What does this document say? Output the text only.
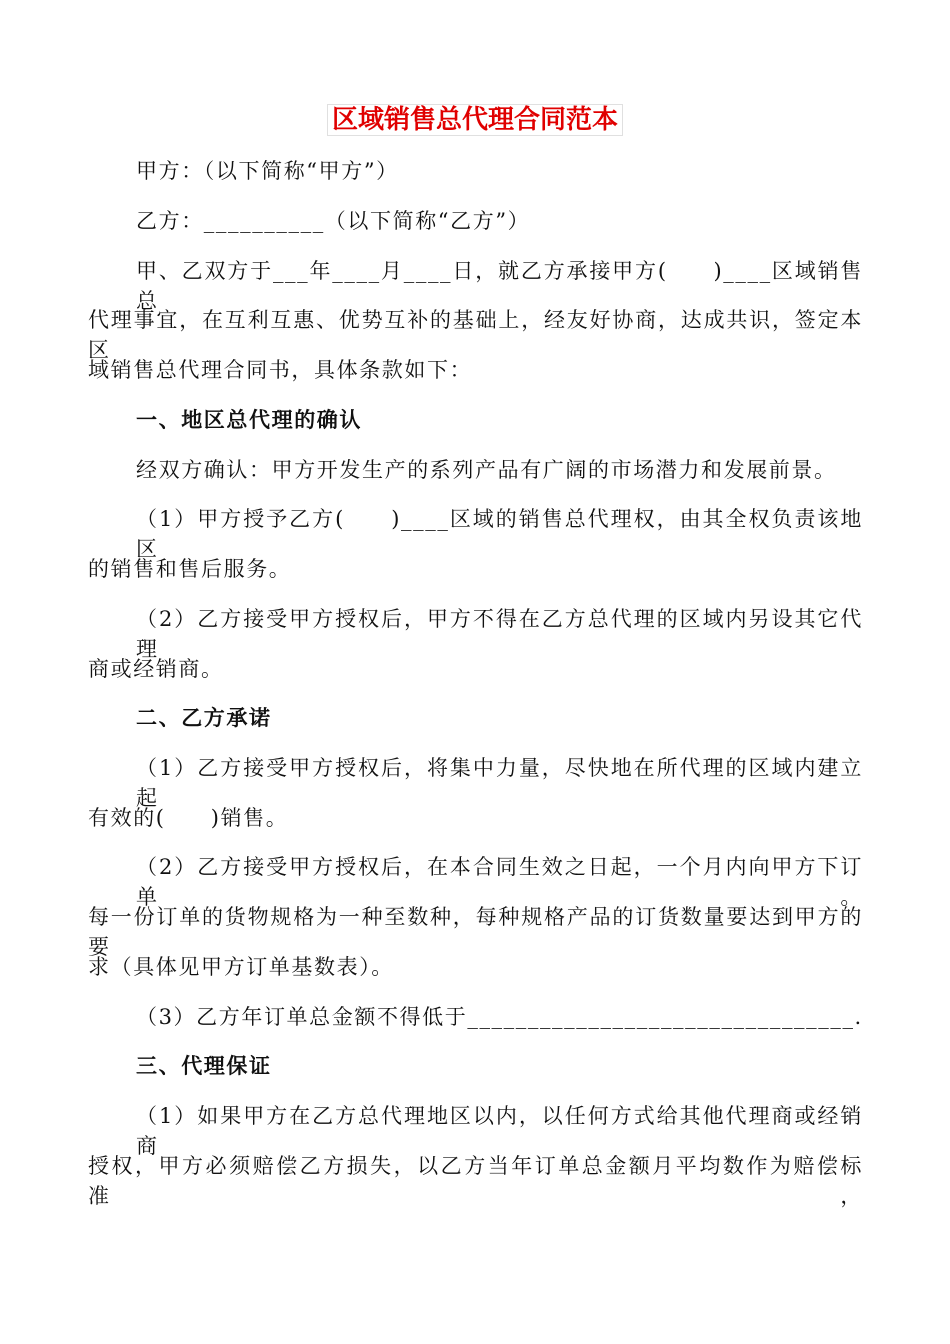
区域销售总代理合同范本
甲方：（以下简称“甲方”）
乙方：__________（以下简称“乙方”）
甲、乙双方于___年____月____日，就乙方承接甲方(　　)____区域销售总
代理事宜，在互利互惠、优势互补的基础上，经友好协商，达成共识，签定本区
域销售总代理合同书，具体条款如下：
一、地区总代理的确认
经双方确认：甲方开发生产的系列产品有广阔的市场潜力和发展前景。
（1）甲方授予乙方(　　)____区域的销售总代理权，由其全权负责该地区
的销售和售后服务。
（2）乙方接受甲方授权后，甲方不得在乙方总代理的区域内另设其它代理
商或经销商。
二、乙方承诺
（1）乙方接受甲方授权后，将集中力量，尽快地在所代理的区域内建立起
有效的(　　)销售。
（2）乙方接受甲方授权后，在本合同生效之日起，一个月内向甲方下订单。
每一份订单的货物规格为一种至数种，每种规格产品的订货数量要达到甲方的要
求（具体见甲方订单基数表）。
（3）乙方年订单总金额不得低于________________________________.
三、代理保证
（1）如果甲方在乙方总代理地区以内，以任何方式给其他代理商或经销商
授权，甲方必须赔偿乙方损失，以乙方当年订单总金额月平均数作为赔偿标准，
